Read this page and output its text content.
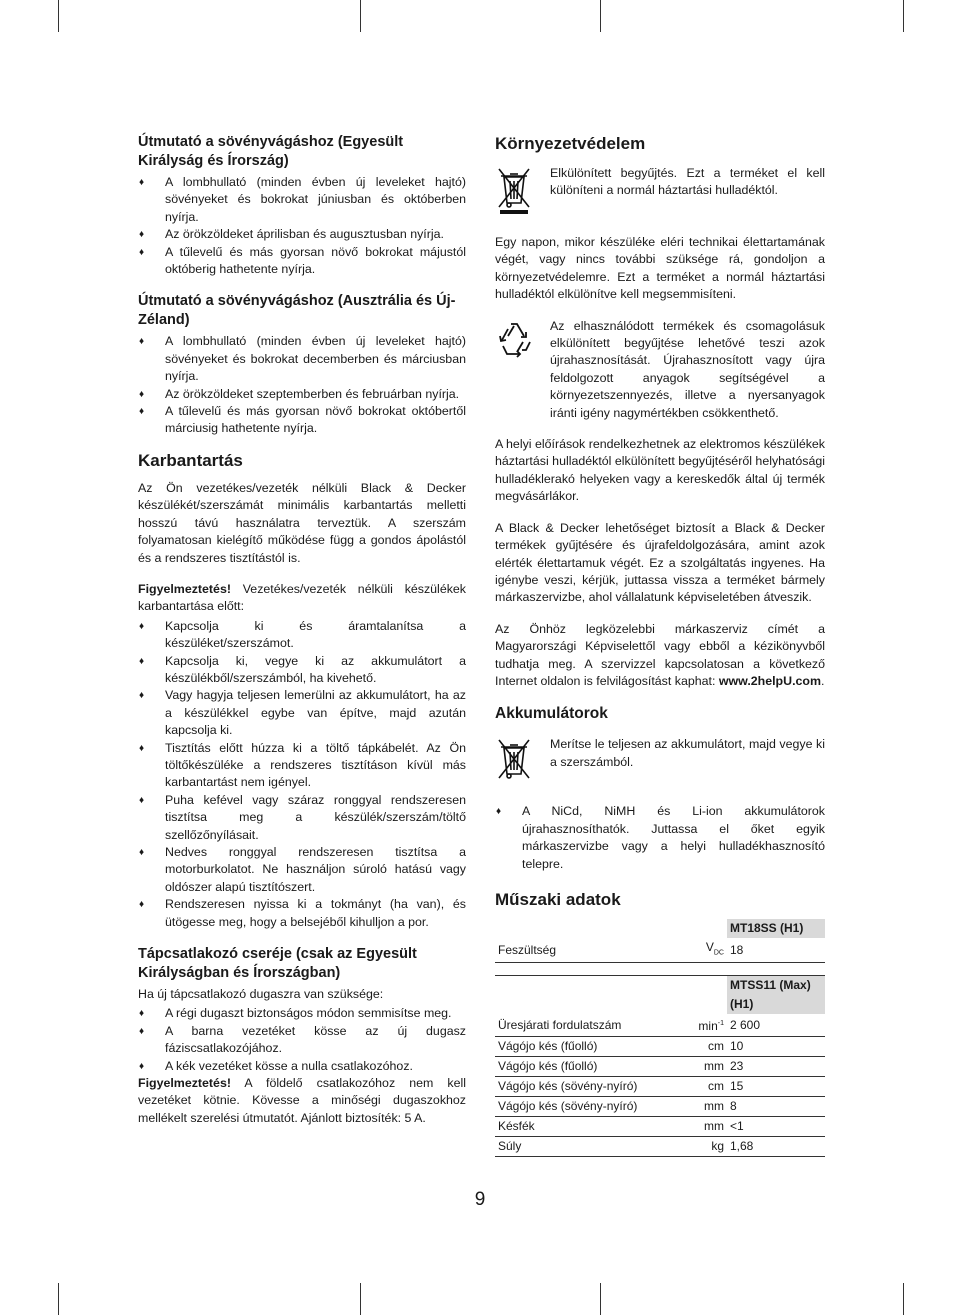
Útmutató a sövényvágáshoz (Egyesült Királyság és Írország)
♦ A lombhullató (minden évben új leveleket hajtó) sövényeket és bokrokat júniusban és októberben nyírja.
♦ Az örökzöldeket áprilisban és augusztusban nyírja.
♦ A tűlevelű és más gyorsan növő bokrokat májustól októberig hathetente nyírja.
Útmutató a sövényvágáshoz (Ausztrália és Új-Zéland)
♦ A lombhullató (minden évben új leveleket hajtó) sövényeket és bokrokat decemberben és márciusban nyírja.
♦ Az örökzöldeket szeptemberben és februárban nyírja.
♦ A tűlevelű és más gyorsan növő bokrokat októbertől márciusig hathetente nyírja.
Karbantartás

Az Ön vezetékes/vezeték nélküli Black & Decker készülékét/szerszámát minimális karbantartás melletti hosszú távú használatra terveztük. A szerszám folyamatosan kielégítő működése függ a gondos ápolástól és a rendszeres tisztítástól is.

Figyelmeztetés! Vezetékes/vezeték nélküli készülékek karbantartása előtt:

♦ Kapcsolja ki és áramtalanítsa a készüléket/szerszámot.
♦ Kapcsolja ki, vegye ki az akkumulátort a készülékből/szerszámból, ha kivehető.
♦ Vagy hagyja teljesen lemerülni az akkumulátort, ha az a készülékkel egybe van építve, majd azután kapcsolja ki.
♦ Tisztítás előtt húzza ki a töltő tápkábelét. Az Ön töltőkészüléke a rendszeres tisztításon kívül más karbantartást nem igényel.
♦ Puha kefével vagy száraz ronggyal rendszeresen tisztítsa meg a készülék/szerszám/töltő szellőzőnyílásait.
♦ Nedves ronggyal rendszeresen tisztítsa a motorburkolatot. Ne használjon súroló hatású vagy oldószer alapú tisztítószert.
♦ Rendszeresen nyissa ki a tokmányt (ha van), és ütögesse meg, hogy a belsejéből kihulljon a por.
Tápcsatlakozó cseréje (csak az Egyesült Királyságban és Írországban)

Ha új tápcsatlakozó dugaszra van szüksége:

♦ A régi dugaszt biztonságos módon semmisítse meg.
♦ A barna vezetéket kösse az új dugasz fáziscsatlakozójához.
♦ A kék vezetéket kösse a nulla csatlakozóhoz.

Figyelmeztetés! A földelő csatlakozóhoz nem kell vezetéket kötnie. Kövesse a minőségi dugaszokhoz mellékelt szerelési útmutatót. Ajánlott biztosíték: 5 A.

Környezetvédelem

Elkülönített begyűjtés. Ezt a terméket el kell különíteni a normál háztartási hulladéktól.

Egy napon, mikor készüléke eléri technikai élettartamának végét, vagy nincs további szüksége rá, gondoljon a környezetvédelemre. Ezt a terméket a normál háztartási hulladéktól elkülönítve kell megsemmisíteni.

Az elhasználódott termékek és csomagolásuk elkülönített begyűjtése lehetővé teszi azok újrahasznosítását. Újrahasznosított vagy újra feldolgozott anyagok segítségével a környezetszennyezés, illetve a nyersanyagok iránti igény nagymértékben csökkenthető.

A helyi előírások rendelkezhetnek az elektromos készülékek háztartási hulladéktól elkülönített begyűjtéséről helyhatósági hulladéklerakó helyeken vagy a kereskedők által új termék megvásárlákor.

A Black & Decker lehetőséget biztosít a Black & Decker termékek gyűjtésére és újrafeldolgozására, amint azok elérték élettartamuk végét. Ez a szolgáltatás ingyenes. Ha igénybe veszi, kérjük, juttassa vissza a terméket bármely márkaszervizbe, ahol vállalatunk képviseletében átveszik.

Az Önhöz legközelebbi márkaszerviz címét a Magyarországi Képviselettől vagy ebből a kézikönyvből tudhatja meg. A szervizzel kapcsolatosan a következő Internet oldalon is felvilágosítást kaphat: www.2helpU.com.

Akkumulátorok

Merítse le teljesen az akkumulátort, majd vegye ki a szerszámból.

♦ A NiCd, NiMH és Li-ion akkumulátorok újrahasznosíthatók. Juttassa el őket egyik márkaszervizbe vagy a helyi hulladékhasznosító telepre.
Műszaki adatok
		MT18SS (H1)
Feszültség	$V_{DC}$	18

		MTSS11 (Max) (H1)
Üresjárati fordulatszám	$\min^{-1}$	2 600
Vágójo kés (fűolló)	cm	10
Vágójo kés (fűolló)	mm	23
Vágójo kés (sövény-nyíró)	cm	15
Vágójo kés (sövény-nyíró)	mm	8
Késfék	mm	<1
Súly	kg	1,68
9
